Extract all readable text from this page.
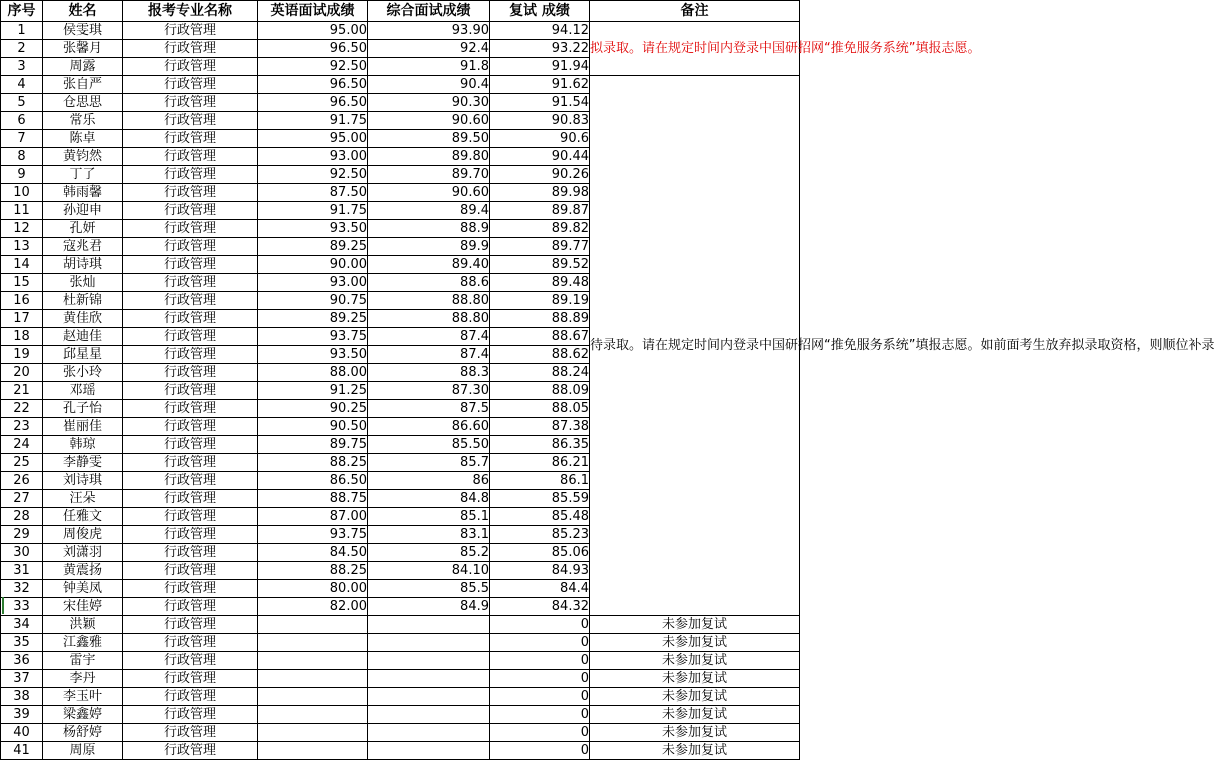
序号	姓名	报考专业名称	英语面试成绩	综合面试成绩	复试 成绩	备注
1	侯雯琪	行政管理	95.00	93.90	94.12	拟录取。请在规定时间内登录中国研招网“推免服务系统”填报志愿。
2	张馨月	行政管理	96.50	92.4	93.22	
3	周露	行政管理	92.50	91.8	91.94	
4	张自严	行政管理	96.50	90.4	91.62	待录取。请在规定时间内登录中国研招网“推免服务系统”填报志愿。如前面考生放弃拟录取资格，则顺位补录
5	仓思思	行政管理	96.50	90.30	91.54	
6	常乐	行政管理	91.75	90.60	90.83	
7	陈卓	行政管理	95.00	89.50	90.6	
8	黄钧然	行政管理	93.00	89.80	90.44	
9	丁了	行政管理	92.50	89.70	90.26	
10	韩雨馨	行政管理	87.50	90.60	89.98	
11	孙迎申	行政管理	91.75	89.4	89.87	
12	孔妍	行政管理	93.50	88.9	89.82	
13	寇兆君	行政管理	89.25	89.9	89.77	
14	胡诗琪	行政管理	90.00	89.40	89.52	
15	张灿	行政管理	93.00	88.6	89.48	
16	杜新锦	行政管理	90.75	88.80	89.19	
17	黄佳欣	行政管理	89.25	88.80	88.89	
18	赵迪佳	行政管理	93.75	87.4	88.67	
19	邱星星	行政管理	93.50	87.4	88.62	
20	张小玲	行政管理	88.00	88.3	88.24	
21	邓瑶	行政管理	91.25	87.30	88.09	
22	孔子怡	行政管理	90.25	87.5	88.05	
23	崔丽佳	行政管理	90.50	86.60	87.38	
24	韩琼	行政管理	89.75	85.50	86.35	
25	李静雯	行政管理	88.25	85.7	86.21	
26	刘诗琪	行政管理	86.50	86	86.1	
27	汪朵	行政管理	88.75	84.8	85.59	
28	任雅文	行政管理	87.00	85.1	85.48	
29	周俊虎	行政管理	93.75	83.1	85.23	
30	刘潇羽	行政管理	84.50	85.2	85.06	
31	黄震扬	行政管理	88.25	84.10	84.93	
32	钟美凤	行政管理	80.00	85.5	84.4	
33	宋佳婷	行政管理	82.00	84.9	84.32	
34	洪颖	行政管理			0	未参加复试
35	江鑫雅	行政管理			0	未参加复试
36	雷宇	行政管理			0	未参加复试
37	李丹	行政管理			0	未参加复试
38	李玉叶	行政管理			0	未参加复试
39	梁鑫婷	行政管理			0	未参加复试
40	杨舒婷	行政管理			0	未参加复试
41	周原	行政管理			0	未参加复试
